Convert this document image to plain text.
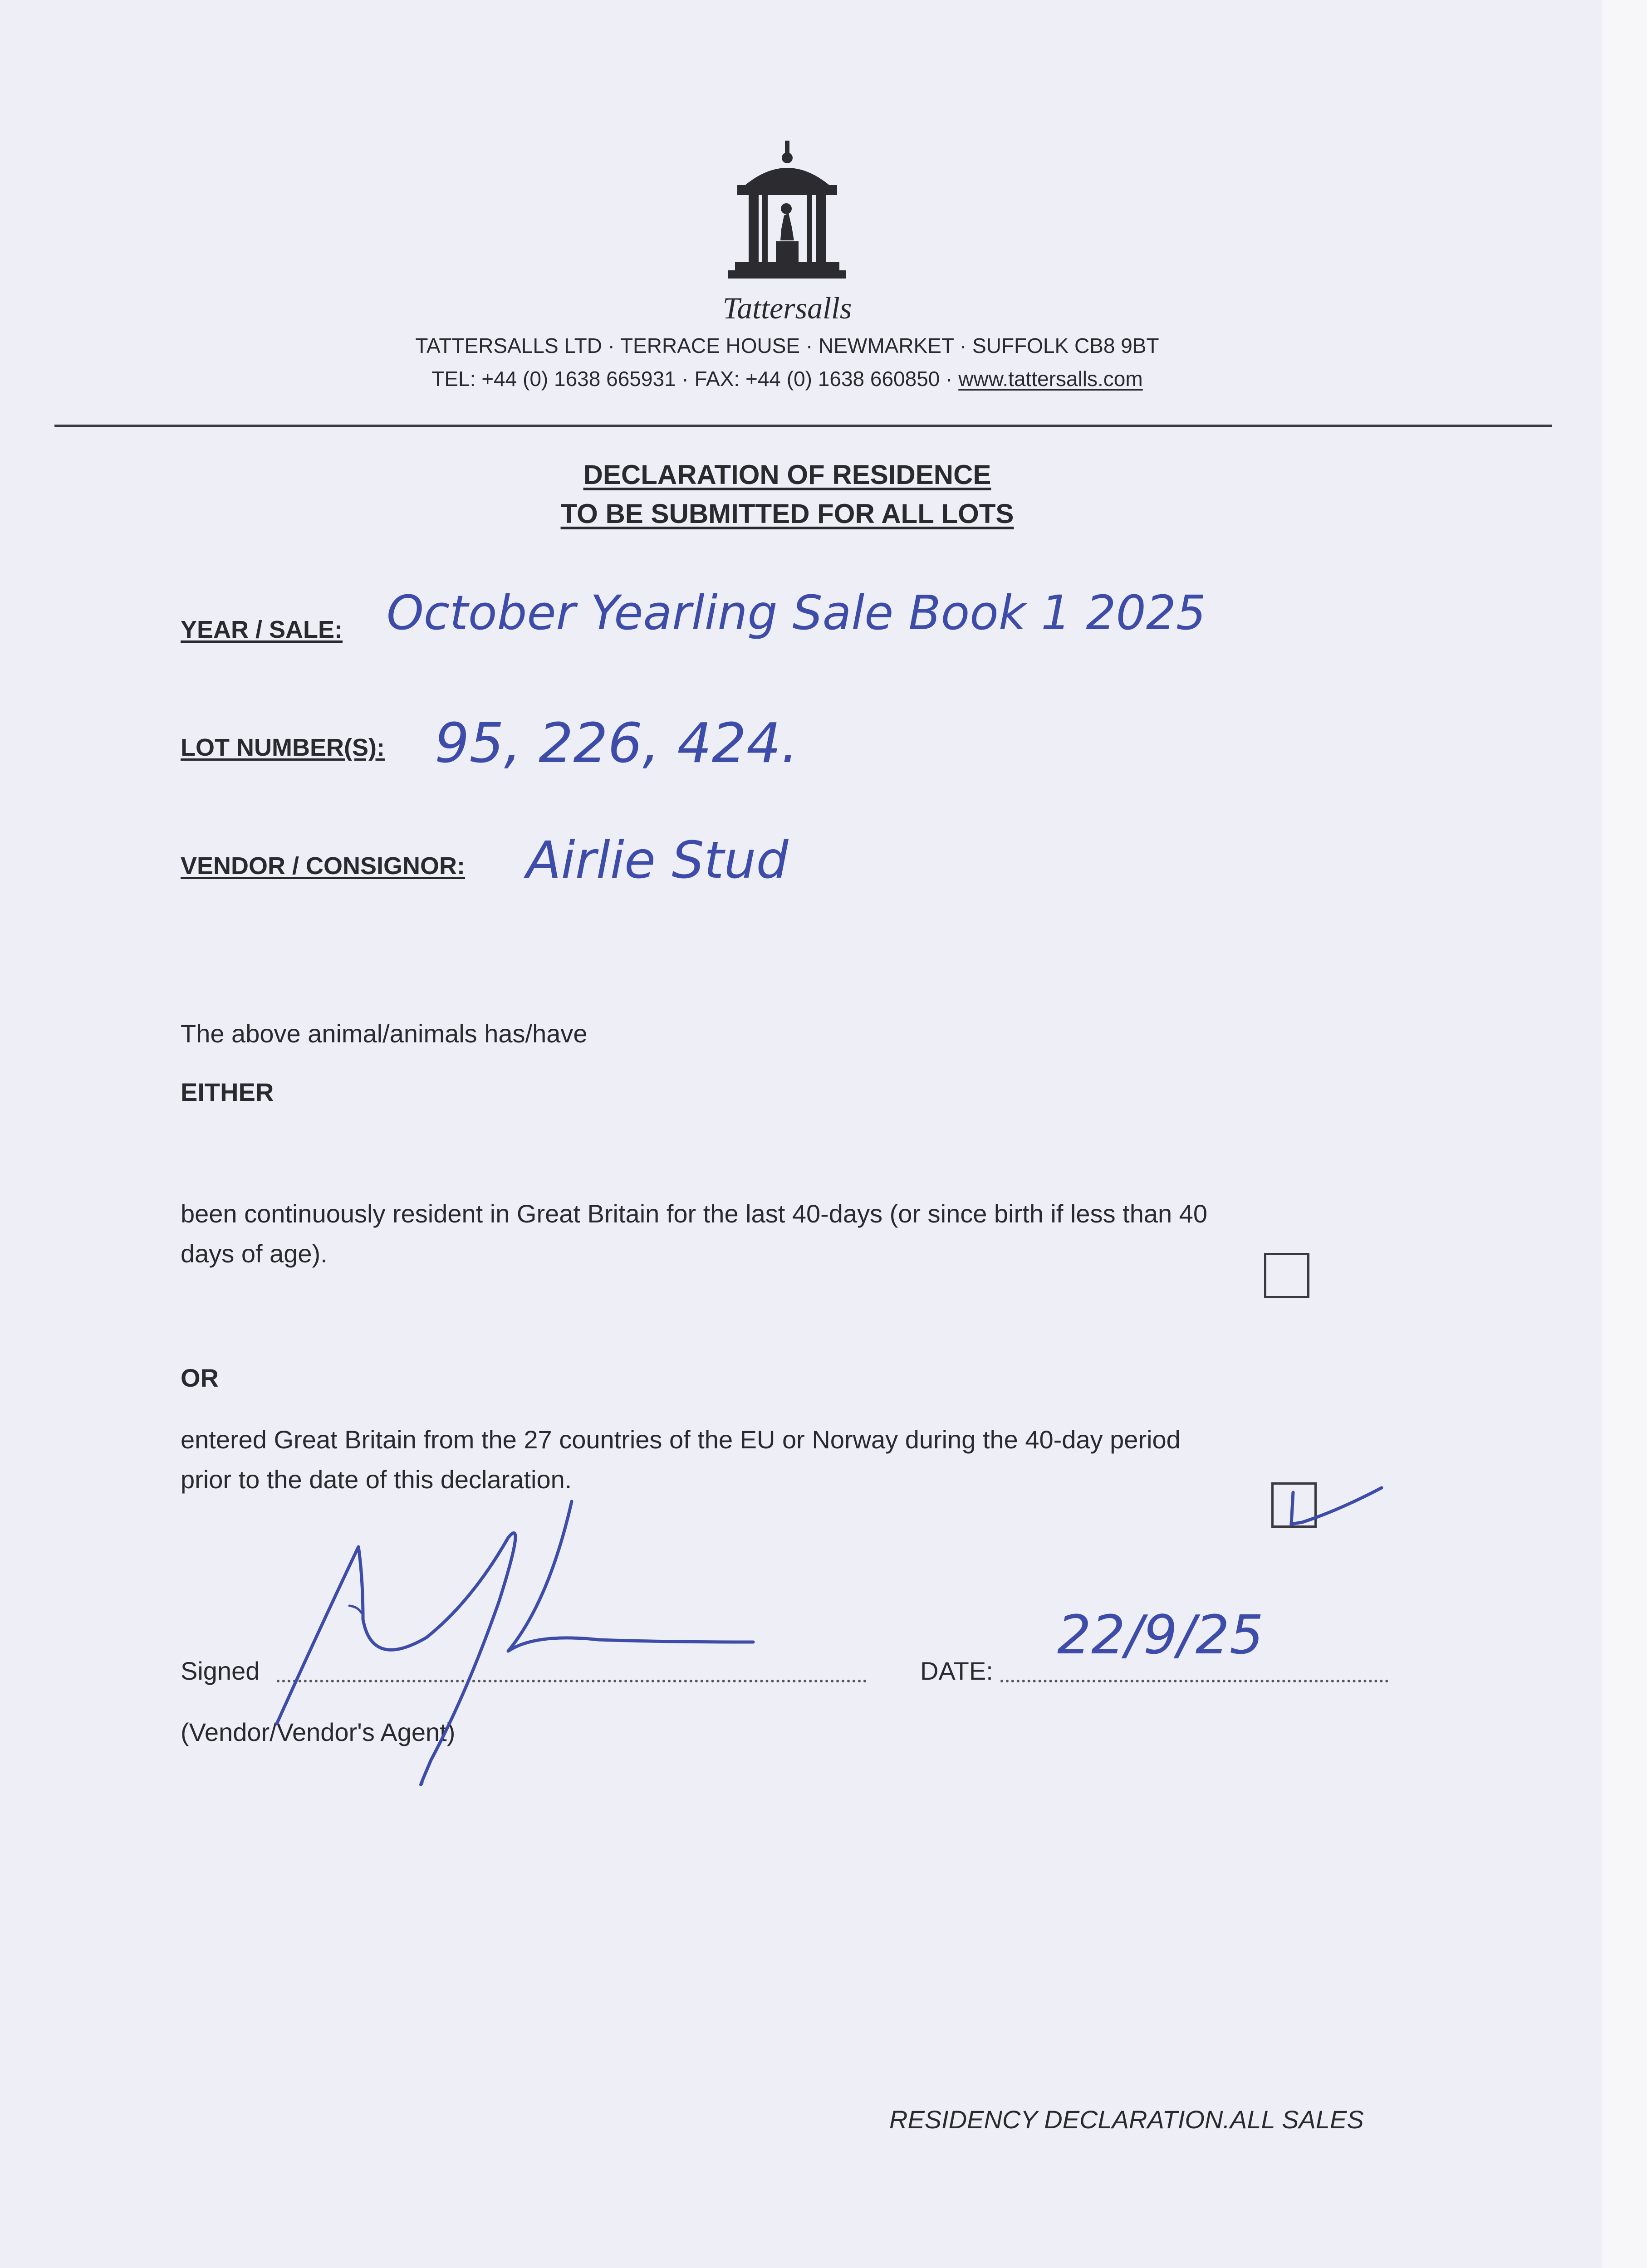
Tattersalls
TATTERSALLS LTD · TERRACE HOUSE · NEWMARKET · SUFFOLK CB8 9BT
TEL: +44 (0) 1638 665931 · FAX: +44 (0) 1638 660850 · www.tattersalls.com
DECLARATION OF RESIDENCE
TO BE SUBMITTED FOR ALL LOTS
YEAR / SALE: October Yearling Sale Book 1 2025
LOT NUMBER(S): 95, 226, 424.
VENDOR / CONSIGNOR: Airlie Stud
The above animal/animals has/have
EITHER
been continuously resident in Great Britain for the last 40-days (or since birth if less than 40
days of age).
OR
entered Great Britain from the 27 countries of the EU or Norway during the 40-day period
prior to the date of this declaration.
Signed
(Vendor/Vendor's Agent)
DATE:
22/9/25
RESIDENCY DECLARATION.ALL SALES
